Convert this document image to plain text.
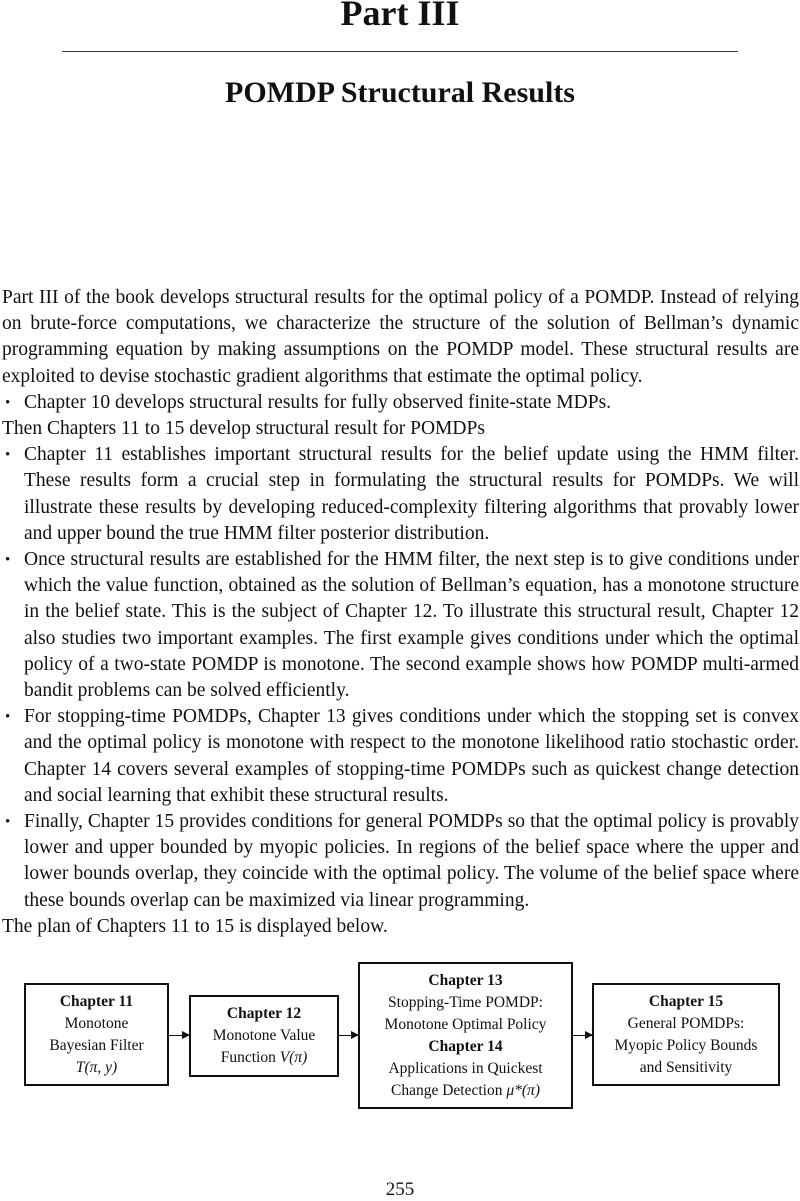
Part III
POMDP Structural Results

Part III of the book develops structural results for the optimal policy of a POMDP. Instead of relying on brute-force computations, we characterize the structure of the solution of Bellman’s dynamic programming equation by making assumptions on the POMDP model. These structural results are exploited to devise stochastic gradient algorithms that estimate the optimal policy.

• Chapter 10 develops structural results for fully observed finite-state MDPs.

Then Chapters 11 to 15 develop structural result for POMDPs

• Chapter 11 establishes important structural results for the belief update using the HMM filter. These results form a crucial step in formulating the structural results for POMDPs. We will illustrate these results by developing reduced-complexity filtering algorithms that provably lower and upper bound the true HMM filter posterior distribution.
• Once structural results are established for the HMM filter, the next step is to give conditions under which the value function, obtained as the solution of Bellman’s equation, has a monotone structure in the belief state. This is the subject of Chapter 12. To illustrate this structural result, Chapter 12 also studies two important examples. The first example gives conditions under which the optimal policy of a two-state POMDP is monotone. The second example shows how POMDP multi-armed bandit problems can be solved efficiently.
• For stopping-time POMDPs, Chapter 13 gives conditions under which the stopping set is convex and the optimal policy is monotone with respect to the monotone likelihood ratio stochastic order. Chapter 14 covers several examples of stopping-time POMDPs such as quickest change detection and social learning that exhibit these structural results.
• Finally, Chapter 15 provides conditions for general POMDPs so that the optimal policy is provably lower and upper bounded by myopic policies. In regions of the belief space where the upper and lower bounds overlap, they coincide with the optimal policy. The volume of the belief space where these bounds overlap can be maximized via linear programming.

The plan of Chapters 11 to 15 is displayed below.

Chapter 11
Monotone
Bayesian Filter
T(π, y)
Chapter 12
Monotone Value
Function V(π)
Chapter 13
Stopping-Time POMDP:
Monotone Optimal Policy
Chapter 14
Applications in Quickest
Change Detection μ*(π)
Chapter 15
General POMDPs:
Myopic Policy Bounds
and Sensitivity
255
